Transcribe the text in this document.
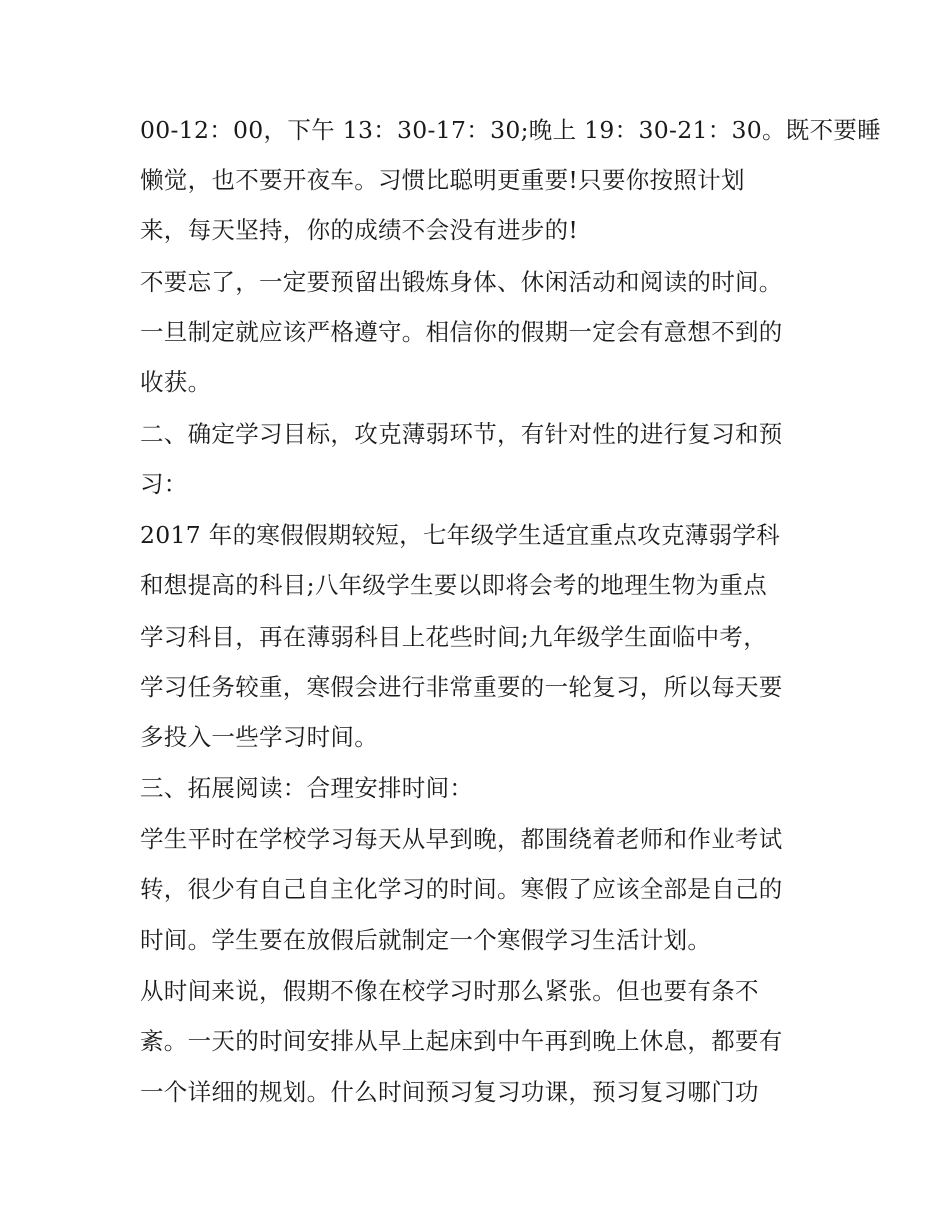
00-12：00，下午 13：30-17：30;晚上 19：30-21：30。既不要睡
懒觉，也不要开夜车。习惯比聪明更重要!只要你按照计划
来，每天坚持，你的成绩不会没有进步的!
不要忘了，一定要预留出锻炼身体、休闲活动和阅读的时间。
一旦制定就应该严格遵守。相信你的假期一定会有意想不到的
收获。
二、确定学习目标，攻克薄弱环节，有针对性的进行复习和预
习：
2017 年的寒假假期较短，七年级学生适宜重点攻克薄弱学科
和想提高的科目;八年级学生要以即将会考的地理生物为重点
学习科目，再在薄弱科目上花些时间;九年级学生面临中考，
学习任务较重，寒假会进行非常重要的一轮复习，所以每天要
多投入一些学习时间。
三、拓展阅读：合理安排时间：
学生平时在学校学习每天从早到晚，都围绕着老师和作业考试
转，很少有自己自主化学习的时间。寒假了应该全部是自己的
时间。学生要在放假后就制定一个寒假学习生活计划。
从时间来说，假期不像在校学习时那么紧张。但也要有条不
紊。一天的时间安排从早上起床到中午再到晚上休息，都要有
一个详细的规划。什么时间预习复习功课，预习复习哪门功
